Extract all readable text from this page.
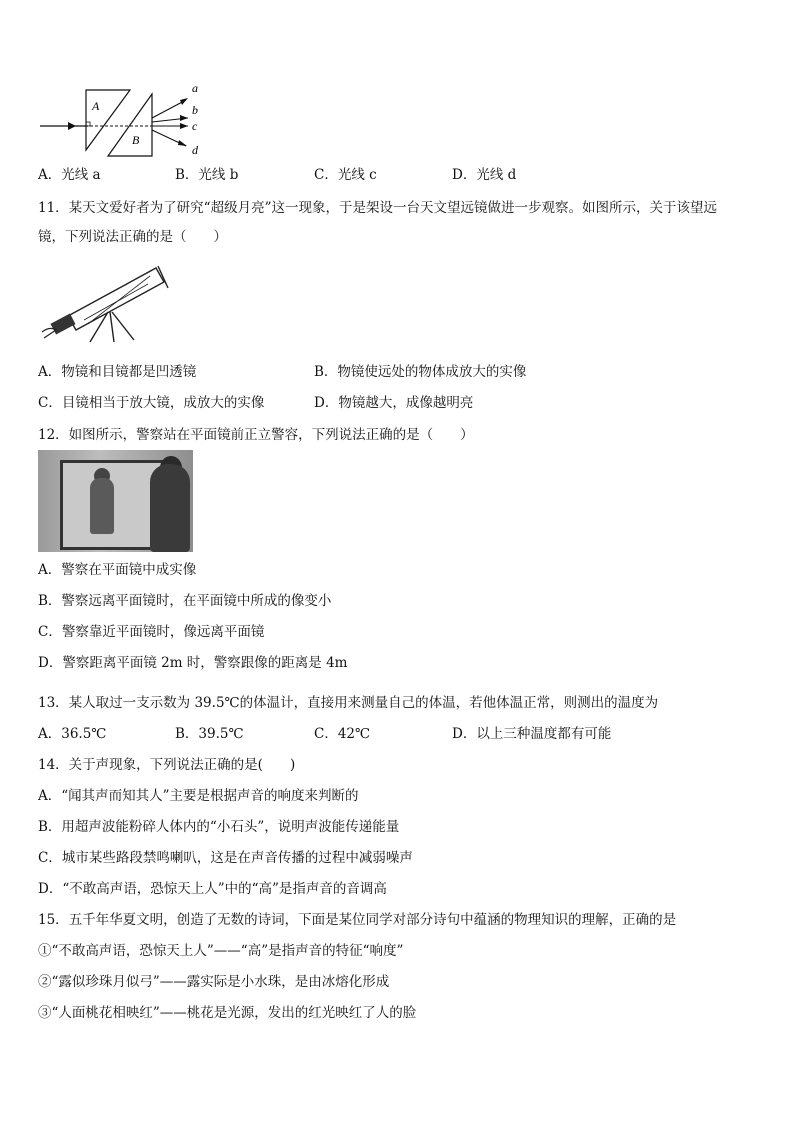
A
B
a
b
c
d
A．光线 a	B．光线 b	C．光线 c	D．光线 d
11．某天文爱好者为了研究“超级月亮”这一现象，于是架设一台天文望远镜做进一步观察。如图所示，关于该望远
镜，下列说法正确的是（　　）
A．物镜和目镜都是凹透镜	B．物镜使远处的物体成放大的实像
C．目镜相当于放大镜，成放大的实像	D．物镜越大，成像越明亮
12．如图所示，警察站在平面镜前正立警容，下列说法正确的是（　　）
A．警察在平面镜中成实像
B．警察远离平面镜时，在平面镜中所成的像变小
C．警察靠近平面镜时，像远离平面镜
D．警察距离平面镜 2m 时，警察跟像的距离是 4m
13．某人取过一支示数为 39.5℃的体温计，直接用来测量自己的体温，若他体温正常，则测出的温度为
A．36.5℃	B．39.5℃	C．42℃	D．以上三种温度都有可能
14．关于声现象，下列说法正确的是(　　)
A．“闻其声而知其人”主要是根据声音的响度来判断的
B．用超声波能粉碎人体内的“小石头”，说明声波能传递能量
C．城市某些路段禁鸣喇叭，这是在声音传播的过程中减弱噪声
D．“不敢高声语，恐惊天上人”中的“高”是指声音的音调高
15．五千年华夏文明，创造了无数的诗词，下面是某位同学对部分诗句中蕴涵的物理知识的理解，正确的是
①“不敢高声语，恐惊天上人”——“高”是指声音的特征“响度”
②“露似珍珠月似弓”——露实际是小水珠，是由冰熔化形成
③“人面桃花相映红”——桃花是光源，发出的红光映红了人的脸
